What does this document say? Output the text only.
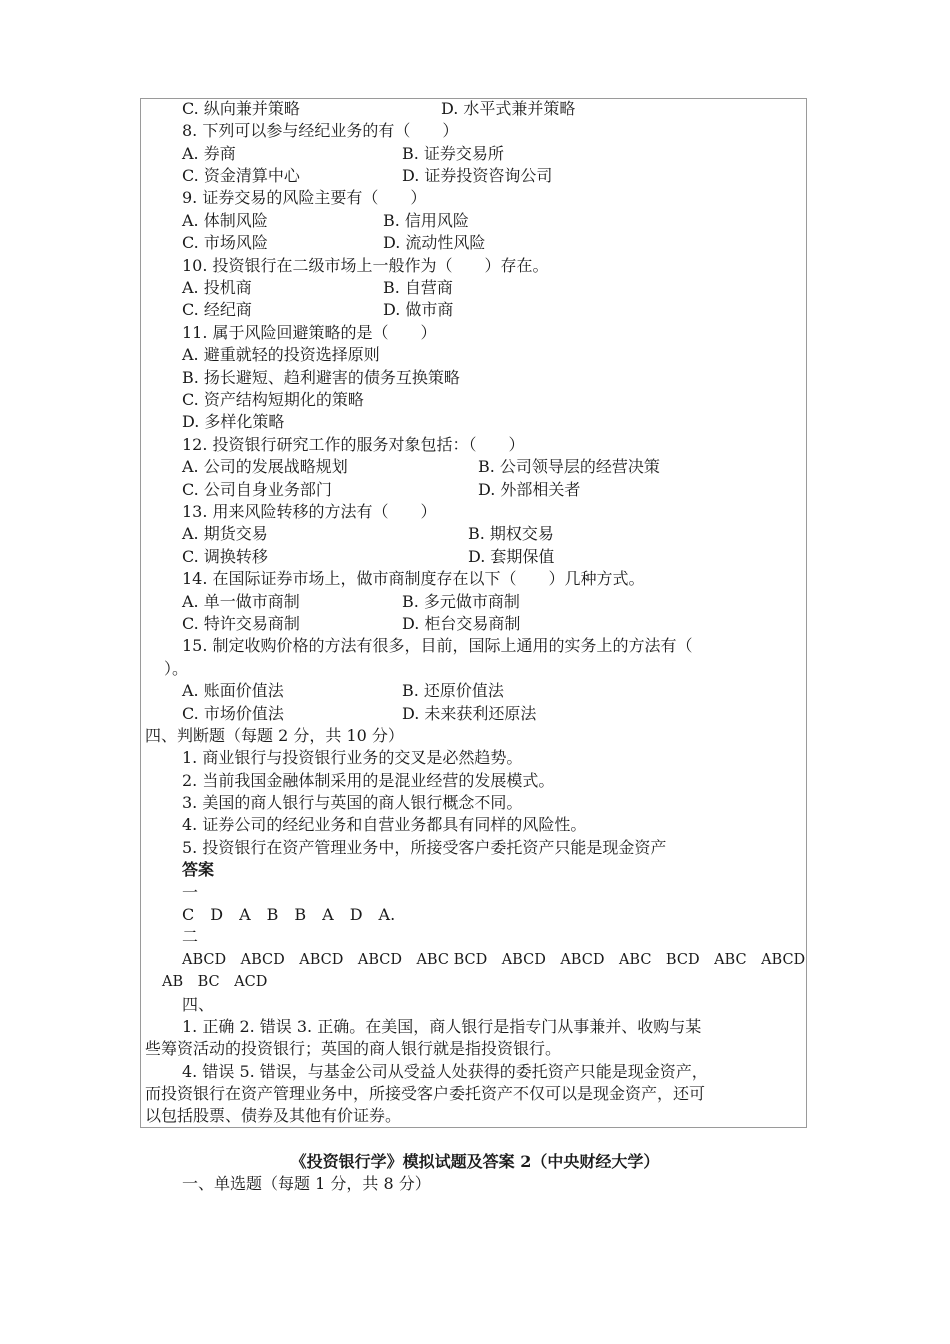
C. 纵向兼并策略	D. 水平式兼并策略
8. 下列可以参与经纪业务的有（　　）
A. 券商	B. 证券交易所
C. 资金清算中心	D. 证券投资咨询公司
9. 证券交易的风险主要有（　　）
A. 体制风险	B. 信用风险
C. 市场风险	D. 流动性风险
10. 投资银行在二级市场上一般作为（　　）存在。
A. 投机商	B. 自营商
C. 经纪商	D. 做市商
11. 属于风险回避策略的是（　　）
A. 避重就轻的投资选择原则
B. 扬长避短、趋利避害的债务互换策略
C. 资产结构短期化的策略
D. 多样化策略
12. 投资银行研究工作的服务对象包括：（　　）
A. 公司的发展战略规划	B. 公司领导层的经营决策
C. 公司自身业务部门	D. 外部相关者
13. 用来风险转移的方法有（　　）
A. 期货交易	B. 期权交易
C. 调换转移	D. 套期保值
14. 在国际证券市场上，做市商制度存在以下（　　）几种方式。
A. 单一做市商制	B. 多元做市商制
C. 特许交易商制	D. 柜台交易商制
15. 制定收购价格的方法有很多，目前，国际上通用的实务上的方法有（
）。
A. 账面价值法	B. 还原价值法
C. 市场价值法	D. 未来获利还原法
四、判断题（每题 2 分，共 10 分）
1. 商业银行与投资银行业务的交叉是必然趋势。
2. 当前我国金融体制采用的是混业经营的发展模式。
3. 美国的商人银行与英国的商人银行概念不同。
4. 证券公司的经纪业务和自营业务都具有同样的风险性。
5. 投资银行在资产管理业务中，所接受客户委托资产只能是现金资产
答案
一
C　D　A　B　B　A　D　A.
二
ABCD　ABCD　ABCD　ABCD　ABC BCD　ABCD　ABCD　ABC　BCD　ABC　ABCD
AB　BC　ACD
四、
1. 正确 2. 错误 3. 正确。在美国，商人银行是指专门从事兼并、收购与某
些筹资活动的投资银行；英国的商人银行就是指投资银行。
4. 错误 5. 错误，与基金公司从受益人处获得的委托资产只能是现金资产，
而投资银行在资产管理业务中，所接受客户委托资产不仅可以是现金资产，还可
以包括股票、债券及其他有价证券。
《投资银行学》模拟试题及答案 2（中央财经大学）
一、单选题（每题 1 分，共 8 分）
